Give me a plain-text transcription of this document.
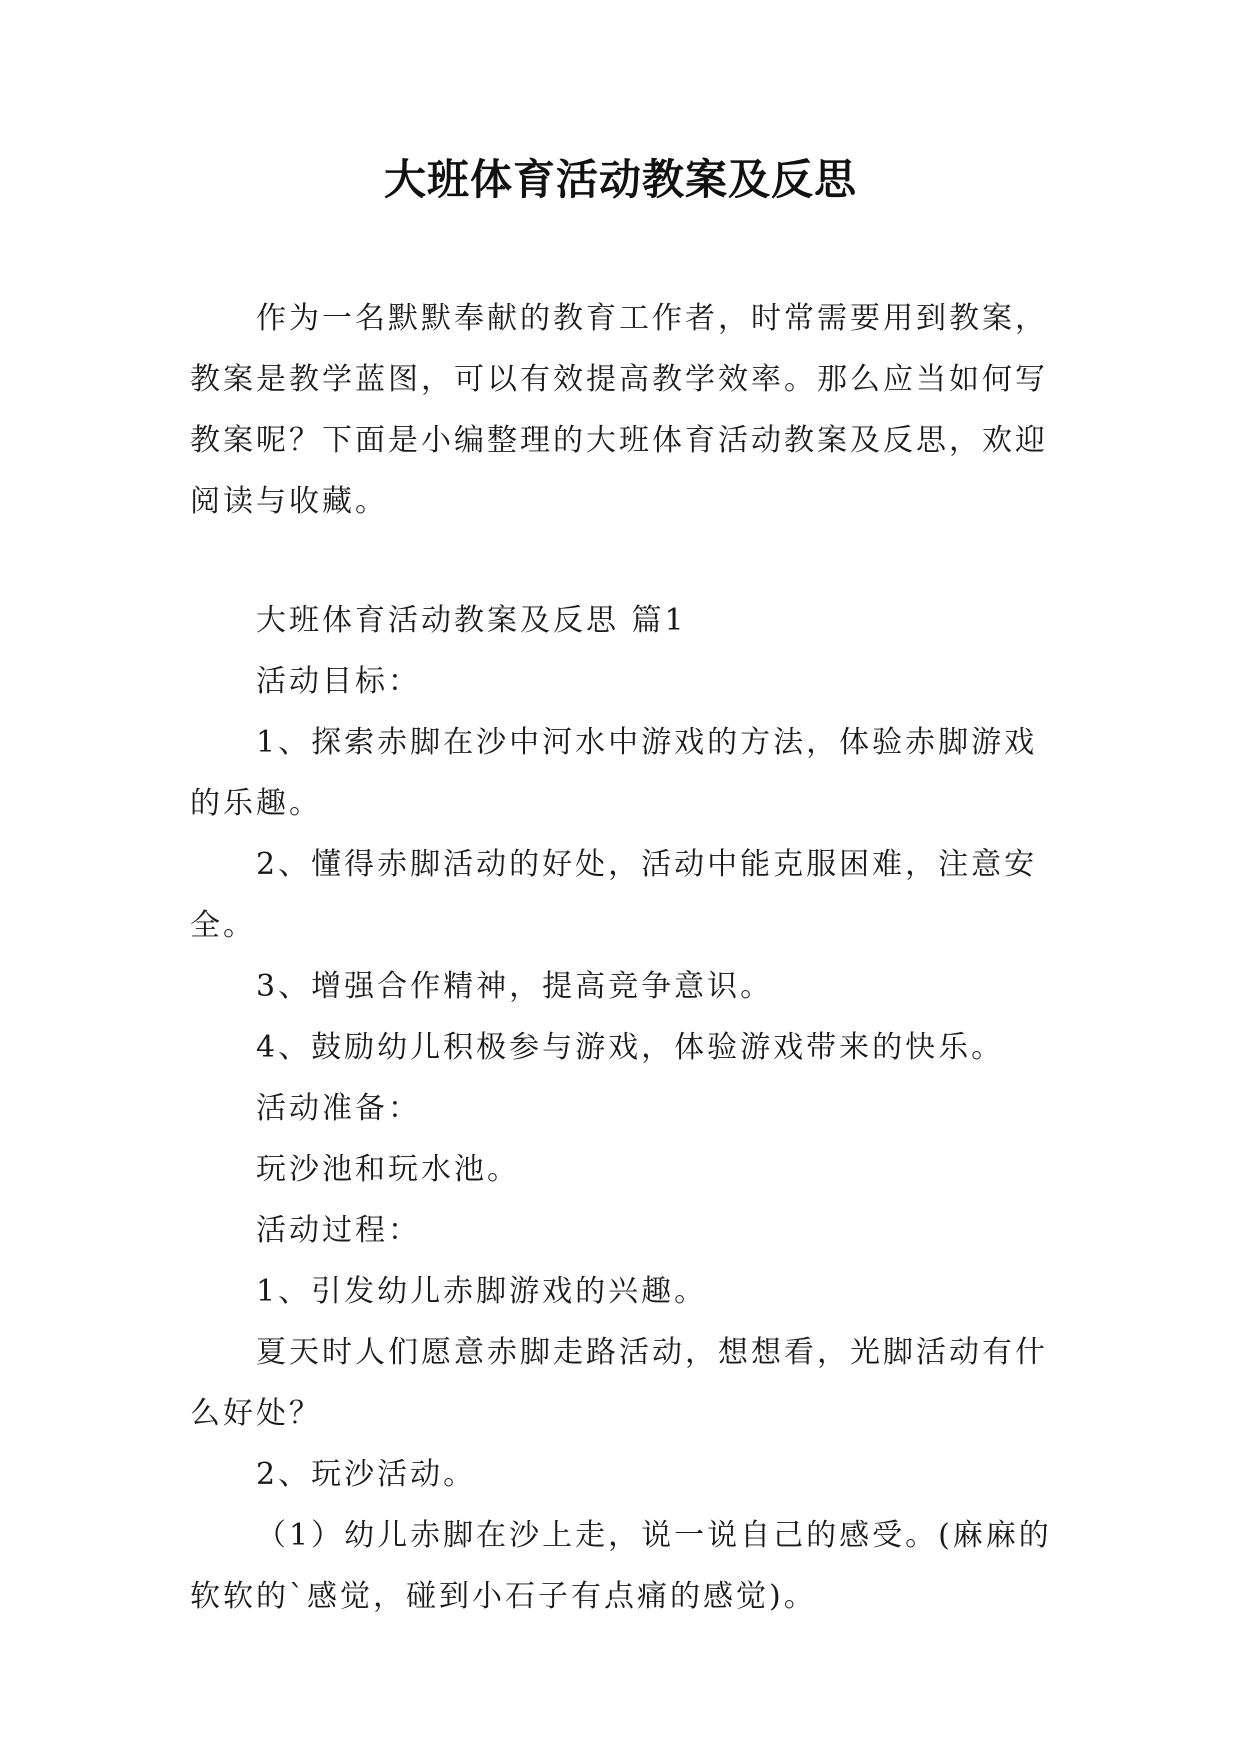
大班体育活动教案及反思

作为一名默默奉献的教育工作者，时常需要用到教案，教案是教学蓝图，可以有效提高教学效率。那么应当如何写教案呢？下面是小编整理的大班体育活动教案及反思，欢迎阅读与收藏。

大班体育活动教案及反思 篇1

活动目标：

1、探索赤脚在沙中河水中游戏的方法，体验赤脚游戏的乐趣。

2、懂得赤脚活动的好处，活动中能克服困难，注意安全。

3、增强合作精神，提高竞争意识。

4、鼓励幼儿积极参与游戏，体验游戏带来的快乐。

活动准备：

玩沙池和玩水池。

活动过程：

1、引发幼儿赤脚游戏的兴趣。

夏天时人们愿意赤脚走路活动，想想看，光脚活动有什么好处？

2、玩沙活动。

（1）幼儿赤脚在沙上走，说一说自己的感受。(麻麻的软软的`感觉，碰到小石子有点痛的感觉)。
